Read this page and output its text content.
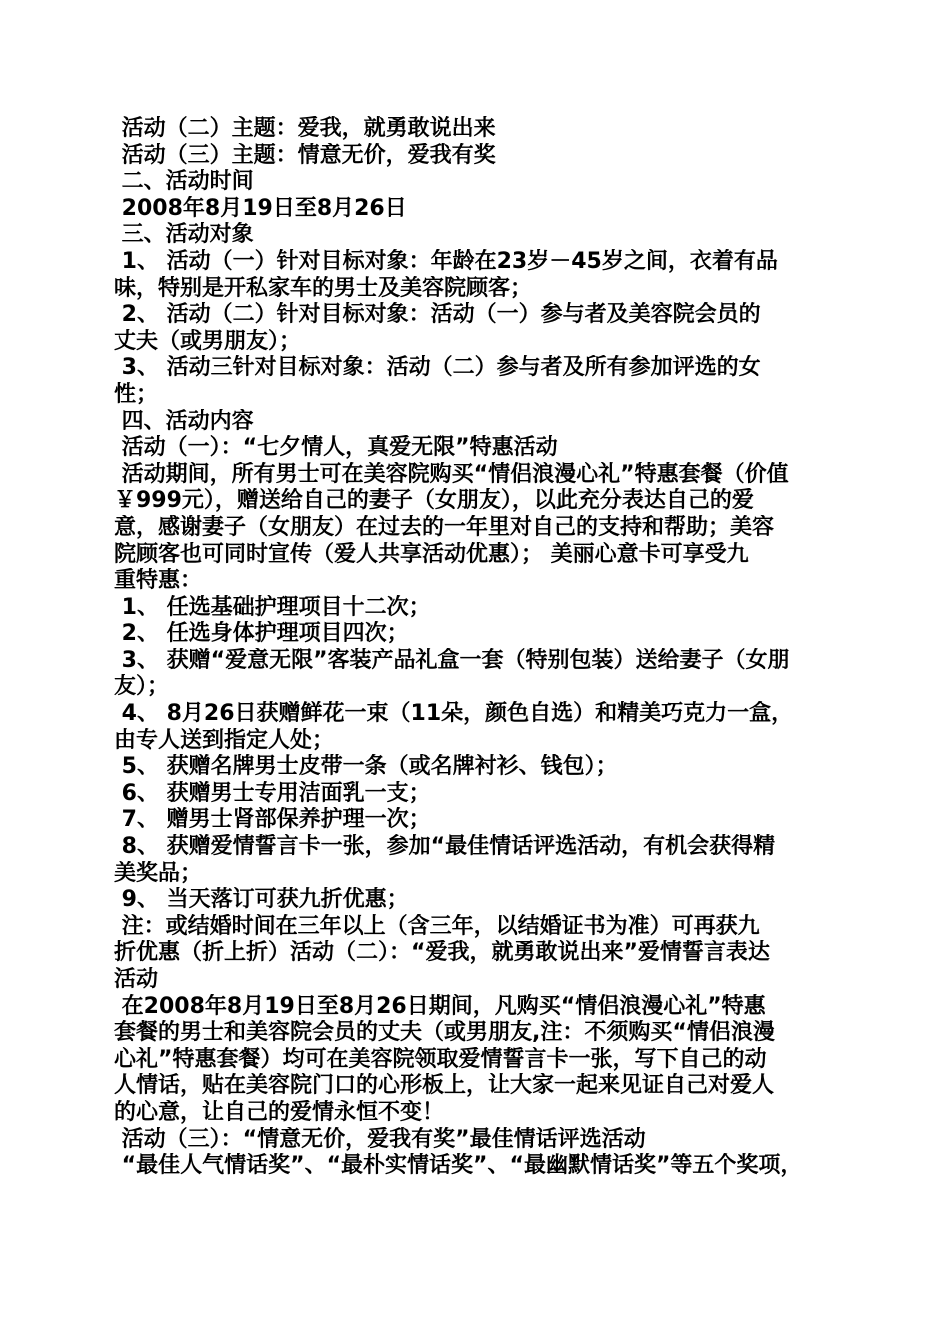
活动（二）主题：爱我，就勇敢说出来
活动（三）主题：情意无价，爱我有奖
二、活动时间
2008年8月19日至8月26日
三、活动对象
1、 活动（一）针对目标对象：年龄在23岁－45岁之间，衣着有品
味，特别是开私家车的男士及美容院顾客；
2、 活动（二）针对目标对象：活动（一）参与者及美容院会员的
丈夫（或男朋友）；
3、 活动三针对目标对象：活动（二）参与者及所有参加评选的女
性；
四、活动内容
活动（一）：“七夕情人，真爱无限”特惠活动
活动期间，所有男士可在美容院购买“情侣浪漫心礼”特惠套餐（价值
￥999元），赠送给自己的妻子（女朋友），以此充分表达自己的爱
意，感谢妻子（女朋友）在过去的一年里对自己的支持和帮助；美容
院顾客也可同时宣传（爱人共享活动优惠）； 美丽心意卡可享受九
重特惠：
1、 任选基础护理项目十二次；
2、 任选身体护理项目四次；
3、 获赠“爱意无限”客装产品礼盒一套（特别包装）送给妻子（女朋
友）；
4、 8月26日获赠鲜花一束（11朵，颜色自选）和精美巧克力一盒，
由专人送到指定人处；
5、 获赠名牌男士皮带一条（或名牌衬衫、钱包）；
6、 获赠男士专用洁面乳一支；
7、 赠男士肾部保养护理一次；
8、 获赠爱情誓言卡一张，参加“最佳情话评选活动，有机会获得精
美奖品；
9、 当天落订可获九折优惠；
注：或结婚时间在三年以上（含三年，以结婚证书为准）可再获九
折优惠（折上折）活动（二）：“爱我，就勇敢说出来”爱情誓言表达
活动
在2008年8月19日至8月26日期间，凡购买“情侣浪漫心礼”特惠
套餐的男士和美容院会员的丈夫（或男朋友,注：不须购买“情侣浪漫
心礼”特惠套餐）均可在美容院领取爱情誓言卡一张，写下自己的动
人情话，贴在美容院门口的心形板上，让大家一起来见证自己对爱人
的心意，让自己的爱情永恒不变！
活动（三）：“情意无价，爱我有奖”最佳情话评选活动
“最佳人气情话奖”、“最朴实情话奖”、“最幽默情话奖”等五个奖项，
